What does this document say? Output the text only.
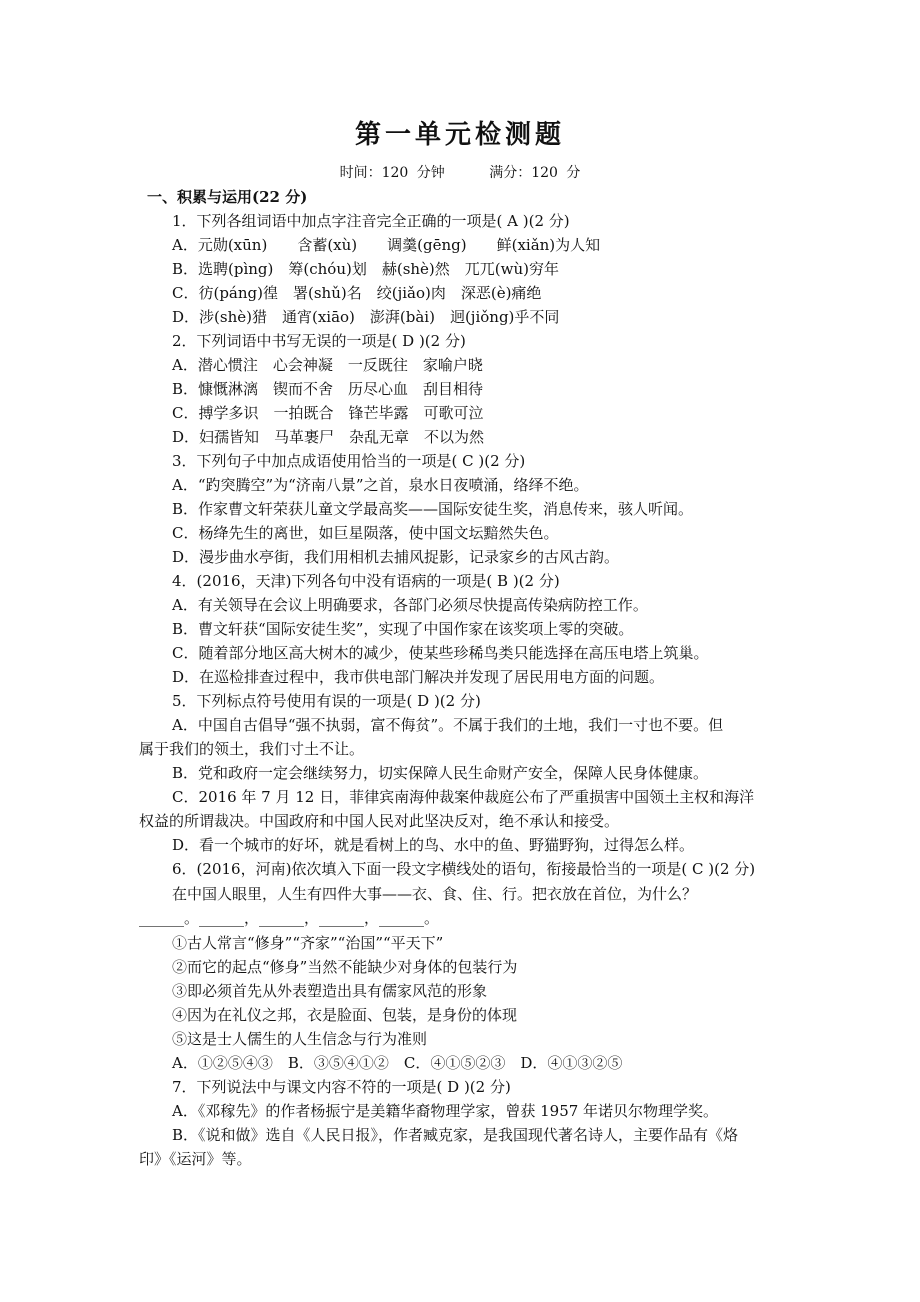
第一单元检测题
时间：120 分钟	满分：120 分
一、积累与运用(22 分)
1．下列各组词语中加点字注音完全正确的一项是( A )(2 分)
A．元勋(xūn)　　含蓄(xù)　　调羹(gēng)　　鲜(xiǎn)为人知
B．选聘(pìng)　筹(chóu)划　赫(shè)然　兀兀(wù)穷年
C．彷(páng)徨　署(shǔ)名　绞(jiǎo)肉　深恶(è)痛绝
D．涉(shè)猎　通宵(xiāo)　澎湃(bài)　迥(jiǒng)乎不同
2．下列词语中书写无误的一项是( D )(2 分)
A．潜心惯注　心会神凝　一反既往　家喻户晓
B．慷慨淋漓　锲而不舍　历尽心血　刮目相待
C．搏学多识　一拍既合　锋芒毕露　可歌可泣
D．妇孺皆知　马革裹尸　杂乱无章　不以为然
3．下列句子中加点成语使用恰当的一项是( C )(2 分)
A．“趵突腾空”为“济南八景”之首，泉水日夜喷涌，络绎不绝。
B．作家曹文轩荣获儿童文学最高奖——国际安徒生奖，消息传来，骇人听闻。
C．杨绛先生的离世，如巨星陨落，使中国文坛黯然失色。
D．漫步曲水亭街，我们用相机去捕风捉影，记录家乡的古风古韵。
4．(2016，天津)下列各句中没有语病的一项是( B )(2 分)
A．有关领导在会议上明确要求，各部门必须尽快提高传染病防控工作。
B．曹文轩获“国际安徒生奖”，实现了中国作家在该奖项上零的突破。
C．随着部分地区高大树木的减少，使某些珍稀鸟类只能选择在高压电塔上筑巢。
D．在巡检排查过程中，我市供电部门解决并发现了居民用电方面的问题。
5．下列标点符号使用有误的一项是( D )(2 分)
A．中国自古倡导“强不执弱，富不侮贫”。不属于我们的土地，我们一寸也不要。但
属于我们的领土，我们寸土不让。
B．党和政府一定会继续努力，切实保障人民生命财产安全，保障人民身体健康。
C．2016 年 7 月 12 日，菲律宾南海仲裁案仲裁庭公布了严重损害中国领土主权和海洋
权益的所谓裁决。中国政府和中国人民对此坚决反对，绝不承认和接受。
D．看一个城市的好坏，就是看树上的鸟、水中的鱼、野猫野狗，过得怎么样。
6．(2016，河南)依次填入下面一段文字横线处的语句，衔接最恰当的一项是( C )(2 分)
在中国人眼里，人生有四件大事——衣、食、住、行。把衣放在首位，为什么？
______。______，______，______，______。
①古人常言“修身”“齐家”“治国”“平天下”
②而它的起点“修身”当然不能缺少对身体的包装行为
③即必须首先从外表塑造出具有儒家风范的形象
④因为在礼仪之邦，衣是脸面、包装，是身份的体现
⑤这是士人儒生的人生信念与行为准则
A．①②⑤④③　B．③⑤④①②　C．④①⑤②③　D．④①③②⑤
7．下列说法中与课文内容不符的一项是( D )(2 分)
A．《邓稼先》的作者杨振宁是美籍华裔物理学家，曾获 1957 年诺贝尔物理学奖。
B．《说和做》选自《人民日报》，作者臧克家，是我国现代著名诗人，主要作品有《烙
印》《运河》等。
